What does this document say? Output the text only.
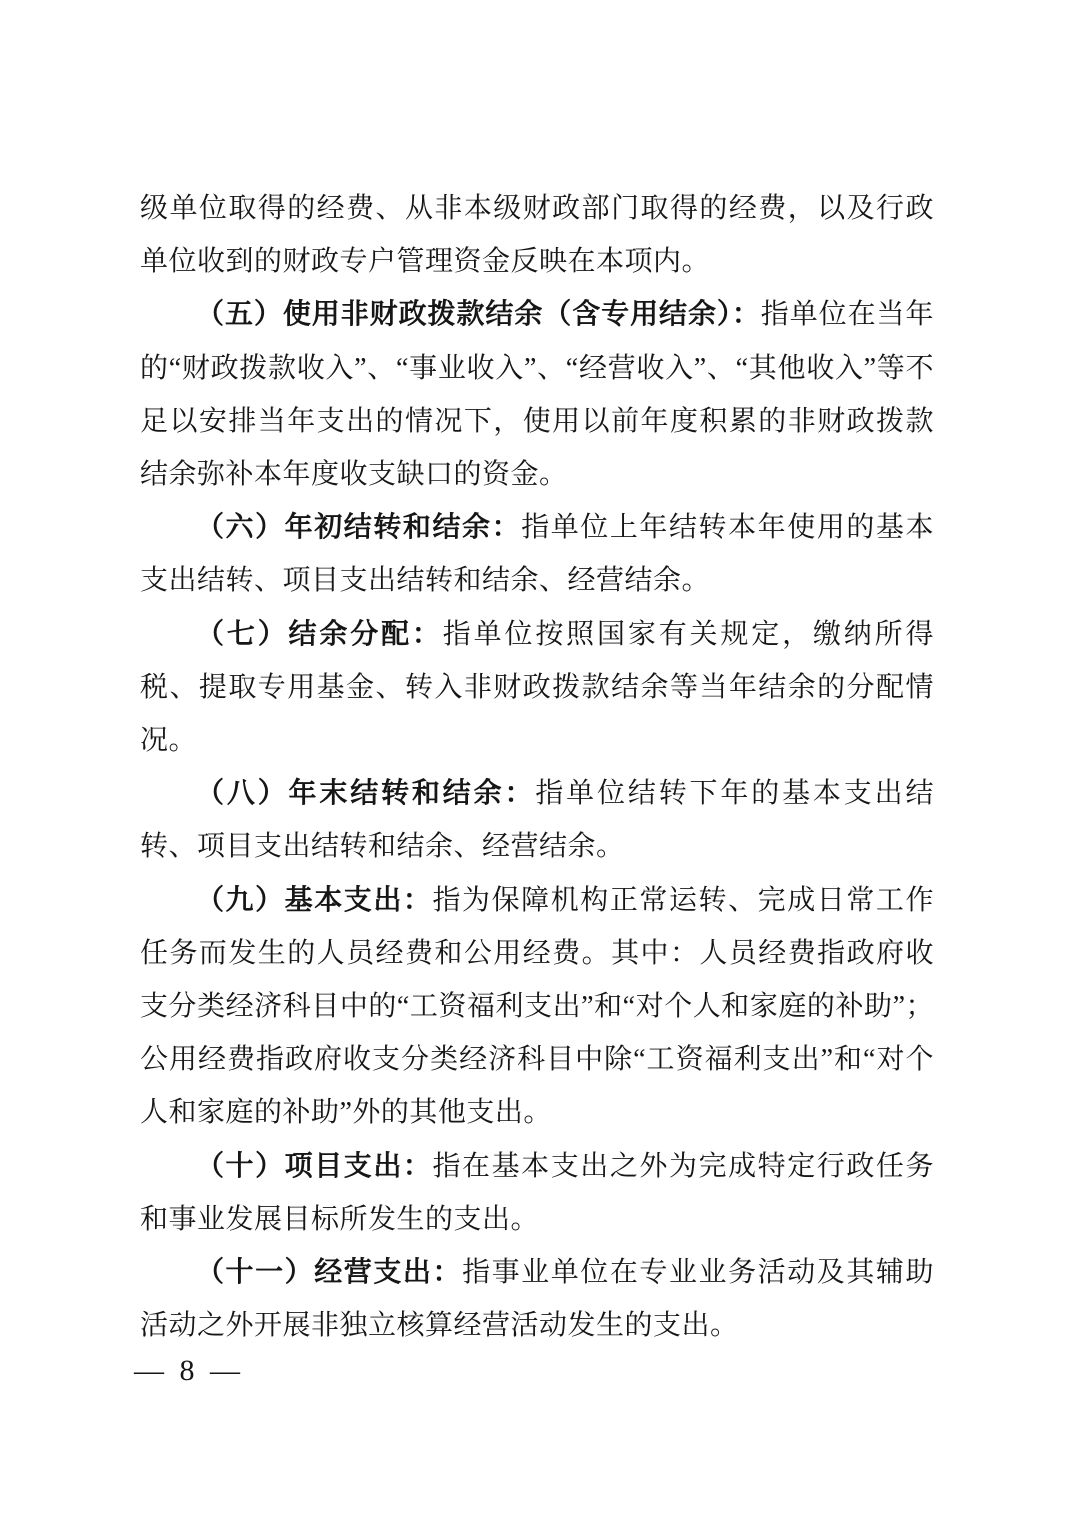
级单位取得的经费、从非本级财政部门取得的经费，以及行政单位收到的财政专户管理资金反映在本项内。

（五）使用非财政拨款结余（含专用结余）：指单位在当年的“财政拨款收入”、“事业收入”、“经营收入”、“其他收入”等不足以安排当年支出的情况下，使用以前年度积累的非财政拨款结余弥补本年度收支缺口的资金。

（六）年初结转和结余：指单位上年结转本年使用的基本支出结转、项目支出结转和结余、经营结余。

（七）结余分配：指单位按照国家有关规定，缴纳所得税、提取专用基金、转入非财政拨款结余等当年结余的分配情况。

（八）年末结转和结余：指单位结转下年的基本支出结转、项目支出结转和结余、经营结余。

（九）基本支出：指为保障机构正常运转、完成日常工作任务而发生的人员经费和公用经费。其中：人员经费指政府收支分类经济科目中的“工资福利支出”和“对个人和家庭的补助”；公用经费指政府收支分类经济科目中除“工资福利支出”和“对个人和家庭的补助”外的其他支出。

（十）项目支出：指在基本支出之外为完成特定行政任务和事业发展目标所发生的支出。

（十一）经营支出：指事业单位在专业业务活动及其辅助活动之外开展非独立核算经营活动发生的支出。

— 8 —
